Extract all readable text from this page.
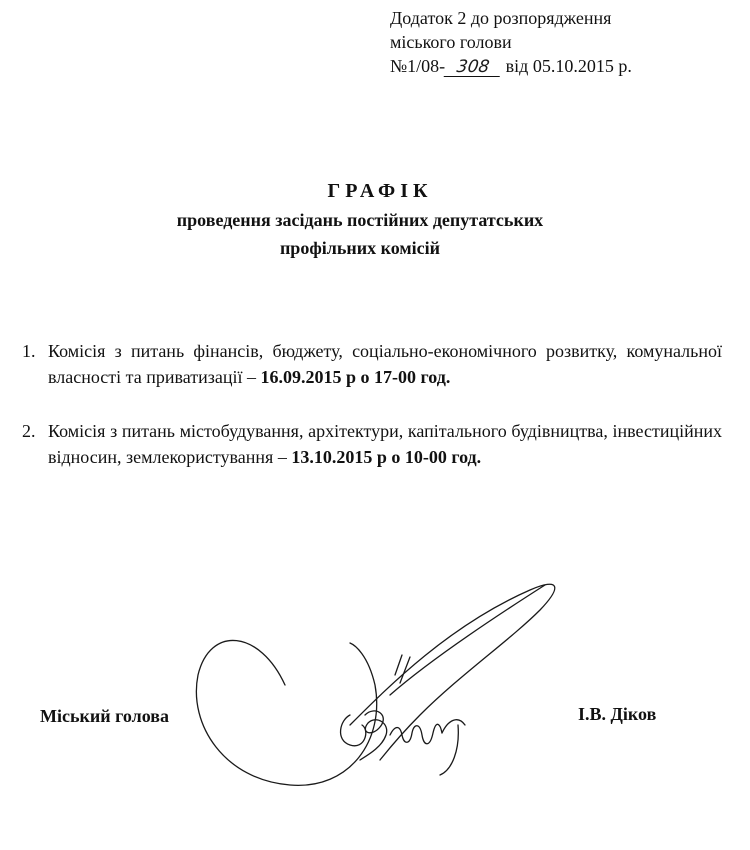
Додаток 2 до розпорядження
міського голови
№1/08- 308 від 05.10.2015 р.
ГРАФІК
проведення засідань постійних депутатських
профільних комісій
1. Комісія з питань фінансів, бюджету, соціально-економічного розвитку, комунальної власності та приватизації – 16.09.2015 р о 17-00 год.
2. Комісія з питань містобудування, архітектури, капітального будівництва, інвестиційних відносин, землекористування – 13.10.2015 р о 10-00 год.
Міський голова	І.В. Діков
